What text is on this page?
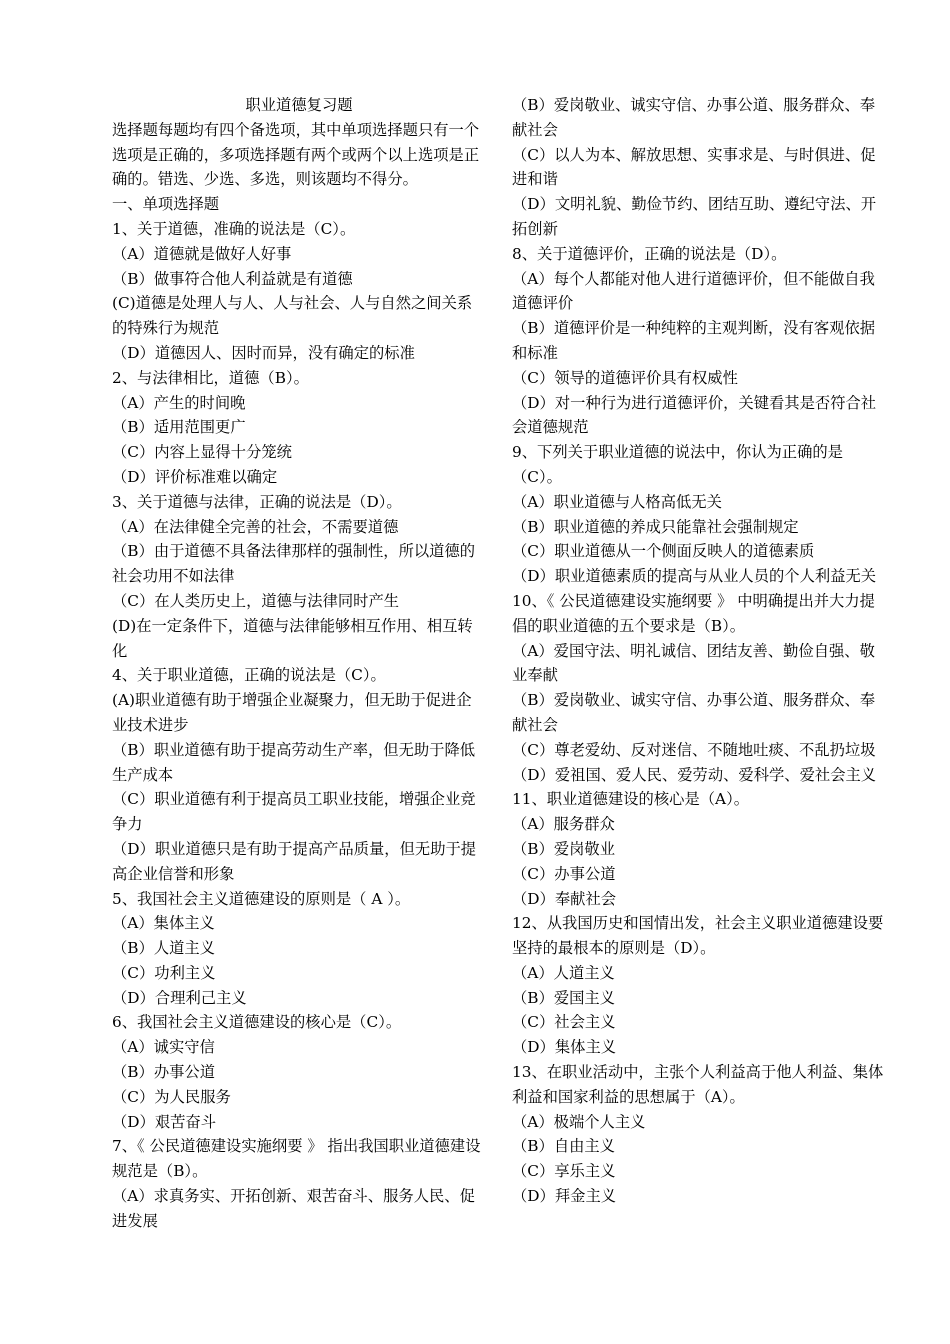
职业道德复习题
选择题每题均有四个备选项，其中单项选择题只有一个选项是正确的，多项选择题有两个或两个以上选项是正确的。错选、少选、多选，则该题均不得分。
一、单项选择题
1、关于道德，准确的说法是（C）。
（A）道德就是做好人好事
（B）做事符合他人利益就是有道德
(C)道德是处理人与人、人与社会、人与自然之间关系的特殊行为规范
（D）道德因人、因时而异，没有确定的标准
2、与法律相比，道德（B）。
（A）产生的时间晚
（B）适用范围更广
（C）内容上显得十分笼统
（D）评价标准难以确定
3、关于道德与法律，正确的说法是（D）。
（A）在法律健全完善的社会，不需要道德
（B）由于道德不具备法律那样的强制性，所以道德的社会功用不如法律
（C）在人类历史上，道德与法律同时产生
(D)在一定条件下，道德与法律能够相互作用、相互转化
4、关于职业道德，正确的说法是（C）。
(A)职业道德有助于增强企业凝聚力，但无助于促进企业技术进步
（B）职业道德有助于提高劳动生产率，但无助于降低生产成本
（C）职业道德有利于提高员工职业技能，增强企业竞争力
（D）职业道德只是有助于提高产品质量，但无助于提高企业信誉和形象
5、我国社会主义道德建设的原则是（ A ）。
（A）集体主义
（B）人道主义
（C）功利主义
（D）合理利己主义
6、我国社会主义道德建设的核心是（C）。
（A）诚实守信
（B）办事公道
（C）为人民服务
（D）艰苦奋斗
7、《 公民道德建设实施纲要 》 指出我国职业道德建设规范是（B）。
（A）求真务实、开拓创新、艰苦奋斗、服务人民、促进发展
（B）爱岗敬业、诚实守信、办事公道、服务群众、奉献社会
（C）以人为本、解放思想、实事求是、与时俱进、促进和谐
（D）文明礼貌、勤俭节约、团结互助、遵纪守法、开拓创新
8、关于道德评价，正确的说法是（D）。
（A）每个人都能对他人进行道德评价，但不能做自我道德评价
（B）道德评价是一种纯粹的主观判断，没有客观依据和标准
（C）领导的道德评价具有权威性
（D）对一种行为进行道德评价，关键看其是否符合社会道德规范
9、下列关于职业道德的说法中，你认为正确的是（C）。
（A）职业道德与人格高低无关
（B）职业道德的养成只能靠社会强制规定
（C）职业道德从一个侧面反映人的道德素质
（D）职业道德素质的提高与从业人员的个人利益无关
10、《 公民道德建设实施纲要 》 中明确提出并大力提倡的职业道德的五个要求是（B）。
（A）爱国守法、明礼诚信、团结友善、勤俭自强、敬业奉献
（B）爱岗敬业、诚实守信、办事公道、服务群众、奉献社会
（C）尊老爱幼、反对迷信、不随地吐痰、不乱扔垃圾
（D）爱祖国、爱人民、爱劳动、爱科学、爱社会主义
11、职业道德建设的核心是（A）。
（A）服务群众
（B）爱岗敬业
（C）办事公道
（D）奉献社会
12、从我国历史和国情出发，社会主义职业道德建设要坚持的最根本的原则是（D）。
（A）人道主义
（B）爱国主义
（C）社会主义
（D）集体主义
13、在职业活动中，主张个人利益高于他人利益、集体利益和国家利益的思想属于（A）。
（A）极端个人主义
（B）自由主义
（C）享乐主义
（D）拜金主义
